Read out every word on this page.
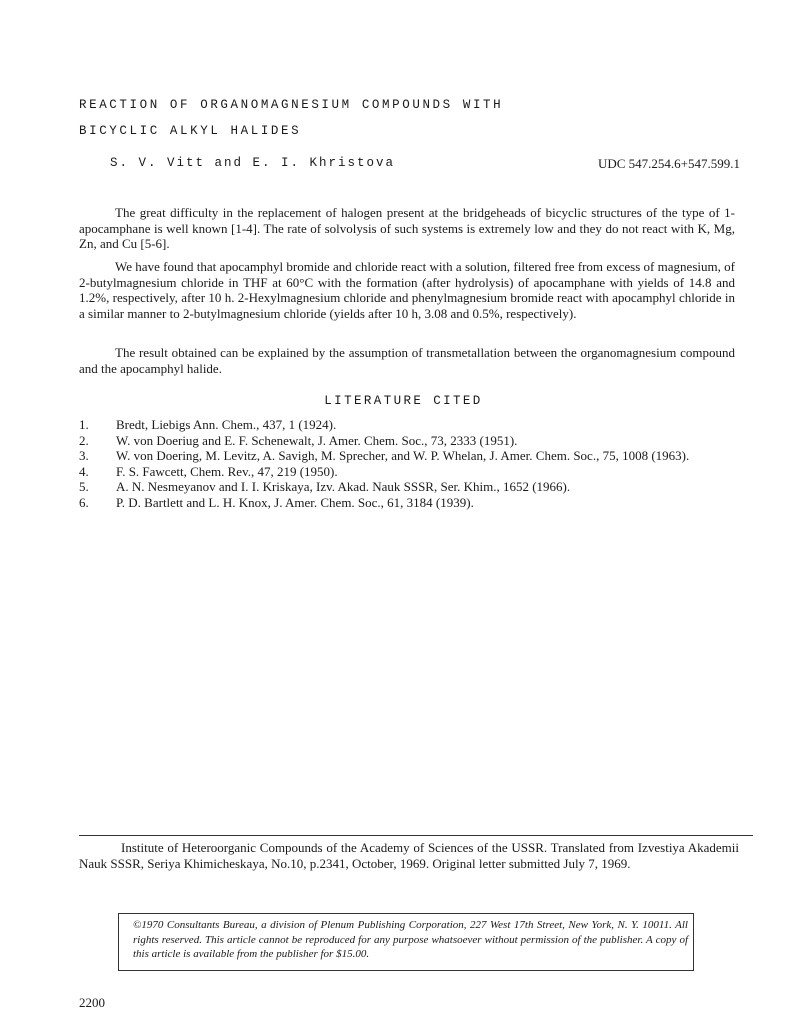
REACTION OF ORGANOMAGNESIUM COMPOUNDS WITH
BICYCLIC ALKYL HALIDES
S. V. Vitt and E. I. Khristova	UDC 547.254.6+547.599.1

The great difficulty in the replacement of halogen present at the bridgeheads of bicyclic structures of the type of 1-apocamphane is well known [1-4]. The rate of solvolysis of such systems is extremely low and they do not react with K, Mg, Zn, and Cu [5-6].

We have found that apocamphyl bromide and chloride react with a solution, filtered free from excess of magnesium, of 2-butylmagnesium chloride in THF at 60°C with the formation (after hydrolysis) of apocamphane with yields of 14.8 and 1.2%, respectively, after 10 h. 2-Hexylmagnesium chloride and phenylmagnesium bromide react with apocamphyl chloride in a similar manner to 2-butylmagnesium chloride (yields after 10 h, 3.08 and 0.5%, respectively).

The result obtained can be explained by the assumption of transmetallation between the organomagnesium compound and the apocamphyl halide.

LITERATURE CITED
1.	Bredt, Liebigs Ann. Chem., 437, 1 (1924).
2.	W. von Doeriug and E. F. Schenewalt, J. Amer. Chem. Soc., 73, 2333 (1951).
3.	W. von Doering, M. Levitz, A. Savigh, M. Sprecher, and W. P. Whelan, J. Amer. Chem. Soc., 75, 1008 (1963).
4.	F. S. Fawcett, Chem. Rev., 47, 219 (1950).
5.	A. N. Nesmeyanov and I. I. Kriskaya, Izv. Akad. Nauk SSSR, Ser. Khim., 1652 (1966).
6.	P. D. Bartlett and L. H. Knox, J. Amer. Chem. Soc., 61, 3184 (1939).

Institute of Heteroorganic Compounds of the Academy of Sciences of the USSR. Translated from Izvestiya Akademii Nauk SSSR, Seriya Khimicheskaya, No.10, p.2341, October, 1969. Original letter submitted July 7, 1969.

©1970 Consultants Bureau, a division of Plenum Publishing Corporation, 227 West 17th Street, New York, N. Y. 10011. All rights reserved. This article cannot be reproduced for any purpose whatsoever without permission of the publisher. A copy of this article is available from the publisher for $15.00.

2200
